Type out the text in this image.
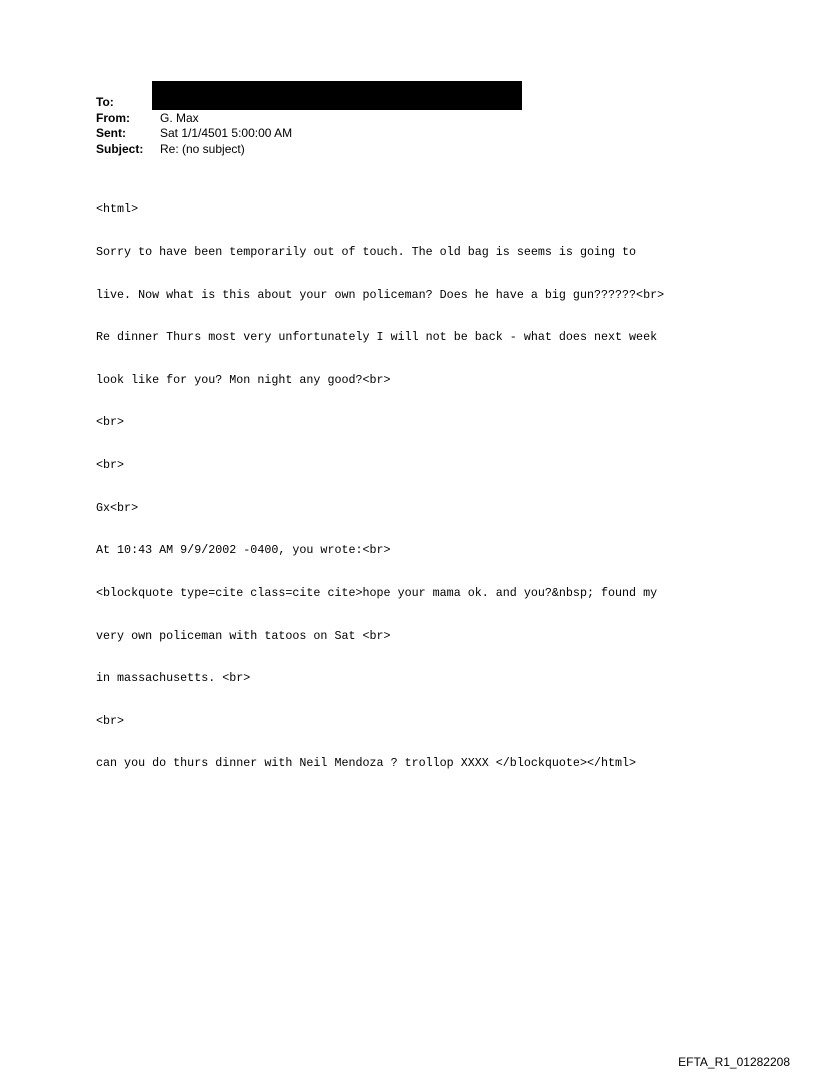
To:
From:	G. Max
Sent:	Sat 1/1/4501 5:00:00 AM
Subject:	Re: (no subject)

<html>

Sorry to have been temporarily out of touch. The old bag is seems is going to

live. Now what is this about your own policeman? Does he have a big gun??????<br>

Re dinner Thurs most very unfortunately I will not be back - what does next week

look like for you? Mon night any good?<br>

<br>

<br>

Gx<br>

At 10:43 AM 9/9/2002 -0400, you wrote:<br>

<blockquote type=cite class=cite cite>hope your mama ok. and you?&nbsp; found my

very own policeman with tatoos on Sat <br>

in massachusetts. <br>

<br>

can you do thurs dinner with Neil Mendoza ? trollop XXXX </blockquote></html>

EFTA_R1_01282208
